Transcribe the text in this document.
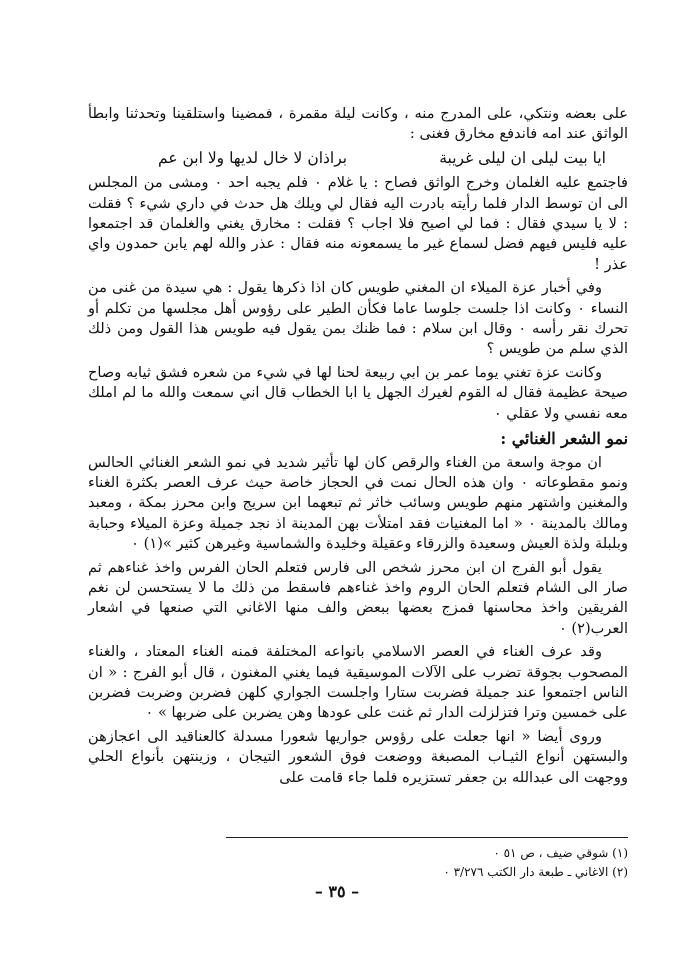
على بعضه ونتكي، على المدرج منه ، وكانت ليلة مقمرة ، فمضينا واستلقينا وتحدثنا وابطأ الواثق عند امه فاندفع مخارق فغنى :

ايا بيت ليلى ان ليلى غريبة
براذان لا خال لديها ولا ابن عم

فاجتمع عليه الغلمان وخرج الواثق فصاح : يا غلام ٠ فلم يجبه احد ٠ ومشى من المجلس الى ان توسط الدار فلما رأيته بادرت اليه فقال لي ويلك هل حدث في داري شيء ؟ فقلت : لا يا سيدي فقال : فما لي اصيح فلا اجاب ؟ فقلت : مخارق يغني والغلمان قد اجتمعوا عليه فليس فيهم فضل لسماع غير ما يسمعونه منه فقال : عذر والله لهم يابن حمدون واي عذر !

وفي أخبار عزة الميلاء ان المغني طويس كان اذا ذكرها يقول : هي سيدة من غنى من النساء ٠ وكانت اذا جلست جلوسا عاما فكأن الطير على رؤوس أهل مجلسها من تكلم أو تحرك نقر رأسه ٠ وقال ابن سلام : فما ظنك بمن يقول فيه طويس هذا القول ومن ذلك الذي سلم من طويس ؟

وكانت عزة تغني يوما عمر بن ابي ربيعة لحنا لها في شيء من شعره فشق ثيابه وصاح صيحة عظيمة فقال له القوم لغيرك الجهل يا ابا الخطاب قال اني سمعت والله ما لم املك معه نفسي ولا عقلي ٠

نمو الشعر الغنائي :

ان موجة واسعة من الغناء والرقص كان لها تأثير شديد في نمو الشعر الغنائي الحالس ونمو مقطوعاته ٠ وان هذه الحال نمت في الحجاز خاصة حيث عرف العصر بكثرة الغناء والمغنين واشتهر منهم طويس وسائب خاثر ثم تبعهما ابن سريج وابن محرز بمكة ، ومعبد ومالك بالمدينة ٠ « اما المغنيات فقد امتلأت بهن المدينة اذ نجد جميلة وعزة الميلاء وحبابة وبلبلة ولذة العيش وسعيدة والزرقاء وعقيلة وخليدة والشماسية وغيرهن كثير »(١) ٠

يقول أبو الفرج ان ابن محرز شخص الى فارس فتعلم الحان الفرس واخذ غناءهم ثم صار الى الشام فتعلم الحان الروم واخذ غناءهم فاسقط من ذلك ما لا يستحسن لن نغم الفريقين واخذ محاسنها فمزج بعضها ببعض والف منها الاغاني التي صنعها في اشعار العرب(٢) ٠

وقد عرف الغناء في العصر الاسلامي بانواعه المختلفة فمنه الغناء المعتاد ، والغناء المصحوب بجوقة تضرب على الآلات الموسيقية فيما يغني المغنون ، قال أبو الفرج : « ان الناس اجتمعوا عند جميلة فضربت ستارا واجلست الجواري كلهن فضربن وضربت فضربن على خمسين وترا فتزلزلت الدار ثم غنت على عودها وهن يضربن على ضربها » ٠

وروى أيضا « انها جعلت على رؤوس جواريها شعورا مسدلة كالعناقيد الى اعجازهن والبستهن أنواع الثيـاب المصبغة ووضعت فوق الشعور التيجان ، وزينتهن بأنواع الحلي ووجهت الى عبدالله بن جعفر تستزيره فلما جاء قامت على

(١) شوقي ضيف ، ص ٥١ ٠
(٢) الاغاني ـ طبعة دار الكتب ٣/٢٧٦ ٠
– ٣٥ –
